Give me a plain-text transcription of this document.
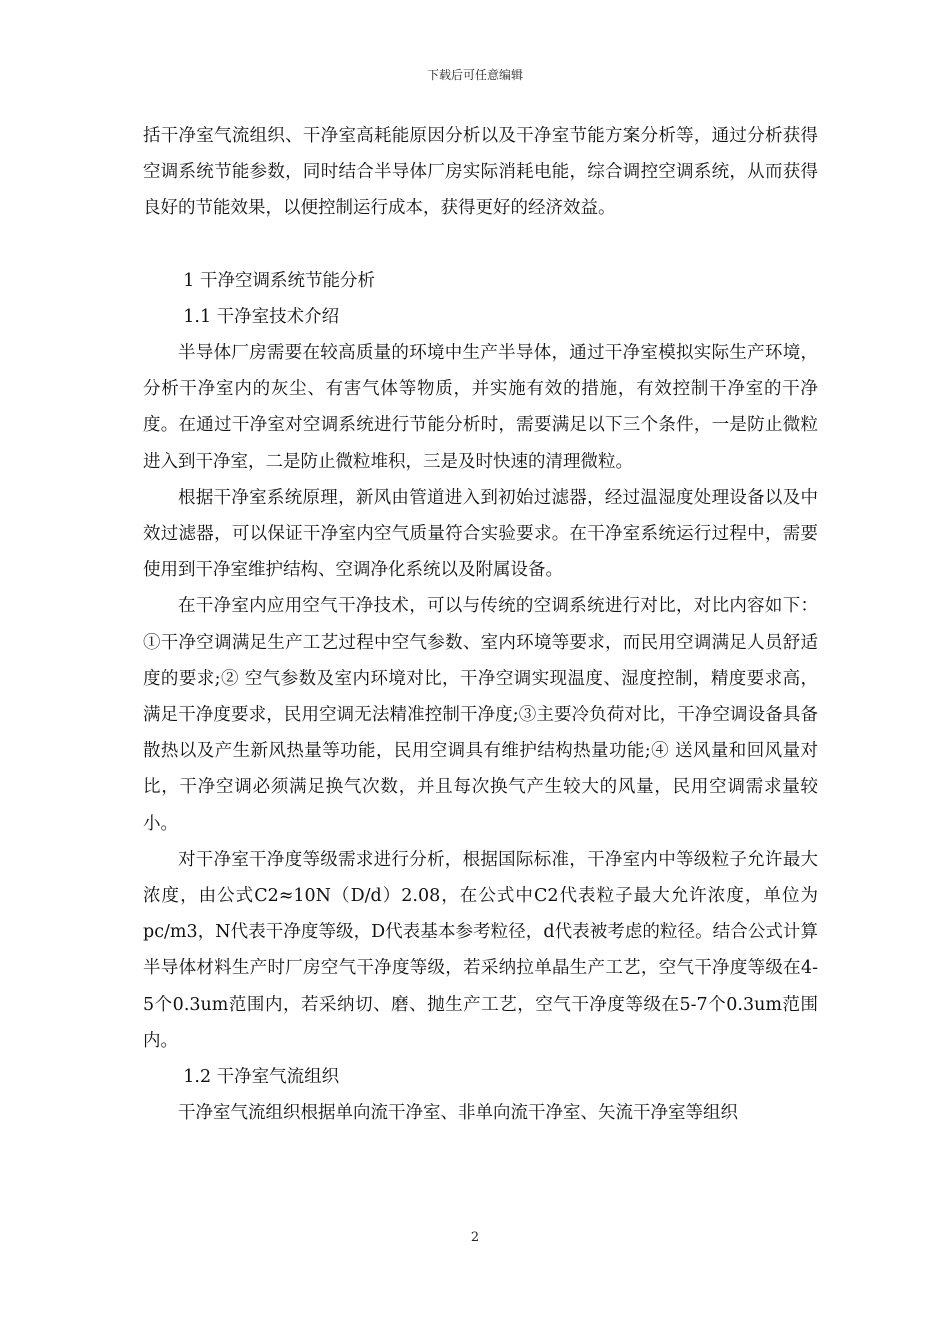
下载后可任意编辑

括干净室气流组织、干净室高耗能原因分析以及干净室节能方案分析等，通过分析获得空调系统节能参数，同时结合半导体厂房实际消耗电能，综合调控空调系统，从而获得良好的节能效果，以便控制运行成本，获得更好的经济效益。

1 干净空调系统节能分析
1.1 干净室技术介绍

半导体厂房需要在较高质量的环境中生产半导体，通过干净室模拟实际生产环境，分析干净室内的灰尘、有害气体等物质，并实施有效的措施，有效控制干净室的干净度。在通过干净室对空调系统进行节能分析时，需要满足以下三个条件，一是防止微粒进入到干净室，二是防止微粒堆积，三是及时快速的清理微粒。

根据干净室系统原理，新风由管道进入到初始过滤器，经过温湿度处理设备以及中效过滤器，可以保证干净室内空气质量符合实验要求。在干净室系统运行过程中，需要使用到干净室维护结构、空调净化系统以及附属设备。

在干净室内应用空气干净技术，可以与传统的空调系统进行对比，对比内容如下：①干净空调满足生产工艺过程中空气参数、室内环境等要求，而民用空调满足人员舒适度的要求;② 空气参数及室内环境对比，干净空调实现温度、湿度控制，精度要求高，满足干净度要求，民用空调无法精准控制干净度;③主要冷负荷对比，干净空调设备具备散热以及产生新风热量等功能，民用空调具有维护结构热量功能;④ 送风量和回风量对比，干净空调必须满足换气次数，并且每次换气产生较大的风量，民用空调需求量较小。

对干净室干净度等级需求进行分析，根据国际标准，干净室内中等级粒子允许最大浓度，由公式C2≈10N（D/d）2.08，在公式中C2代表粒子最大允许浓度，单位为pc/m3，N代表干净度等级，D代表基本参考粒径，d代表被考虑的粒径。结合公式计算半导体材料生产时厂房空气干净度等级，若采纳拉单晶生产工艺，空气干净度等级在4-5个0.3um范围内，若采纳切、磨、抛生产工艺，空气干净度等级在5-7个0.3um范围内。

1.2 干净室气流组织

干净室气流组织根据单向流干净室、非单向流干净室、矢流干净室等组织

2
